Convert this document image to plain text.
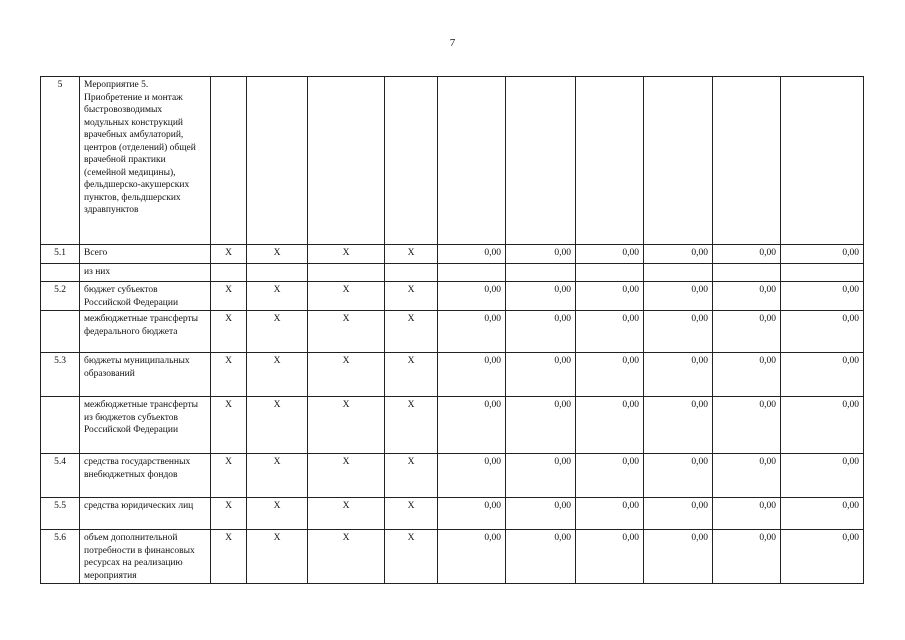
7
5	Мероприятие 5. Приобретение и монтаж быстровозводимых модульных конструкций врачебных амбулаторий, центров (отделений) общей врачебной практики (семейной медицины), фельдшерско-акушерских пунктов, фельдшерских здравпунктов										
5.1	Всего	X	X	X	X	0,00	0,00	0,00	0,00	0,00	0,00
	из них										
5.2	бюджет субъектов Российской Федерации	X	X	X	X	0,00	0,00	0,00	0,00	0,00	0,00
	межбюджетные трансферты федерального бюджета	X	X	X	X	0,00	0,00	0,00	0,00	0,00	0,00
5.3	бюджеты муниципальных образований	X	X	X	X	0,00	0,00	0,00	0,00	0,00	0,00
	межбюджетные трансферты из бюджетов субъектов Российской Федерации	X	X	X	X	0,00	0,00	0,00	0,00	0,00	0,00
5.4	средства государственных внебюджетных фондов	X	X	X	X	0,00	0,00	0,00	0,00	0,00	0,00
5.5	средства юридических лиц	X	X	X	X	0,00	0,00	0,00	0,00	0,00	0,00
5.6	объем дополнительной потребности в финансовых ресурсах на реализацию мероприятия	X	X	X	X	0,00	0,00	0,00	0,00	0,00	0,00
